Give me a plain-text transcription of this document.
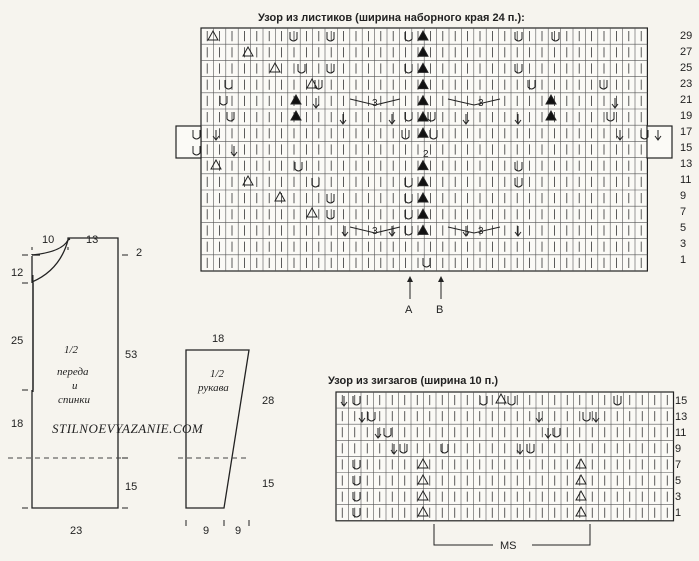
Узор из листиков (ширина наборного края 24 п.):
29
27
25
23
21
19
17
15
13
11
9
7
5
3
1
2
3	3
3	3
A B
Узор из зигзагов (ширина 10 п.)
15
13
11
9
7
5
3
1
MS
10	13
2
12
25
18
53
15
23
1/2
переда
и
спинки
18
28
15
9 9
1/2
рукава
STILNOEVYAZANIE.COM
